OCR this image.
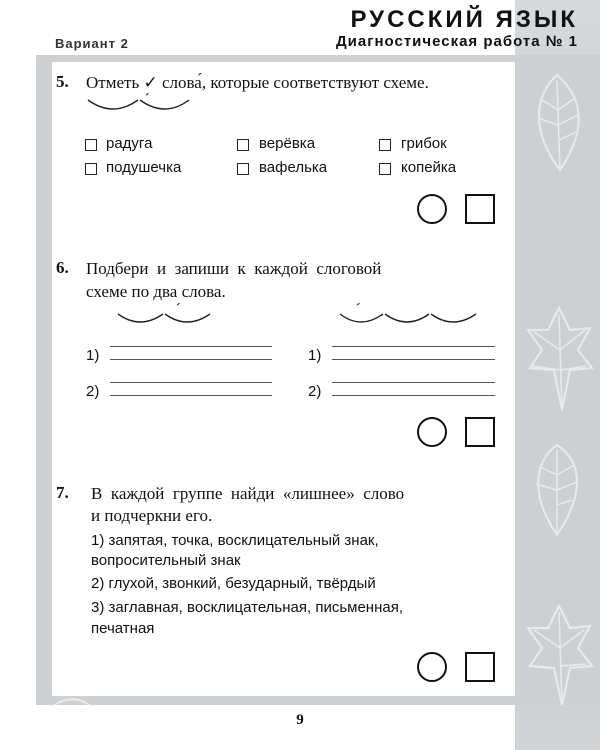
РУССКИЙ ЯЗЫК
Диагностическая работа № 1
Вариант 2
5. Отметь ✓ слова́, которые соответствуют схеме.
´
радуга	верёвка	грибок
подушечка	вафелька	копейка
6. Подбери  и  запиши  к  каждой  слоговой
схеме по два слова.
´	´
1)
2)
1)
2)
7. В  каждой  группе  найди  «лишнее»  слово
и подчеркни его.
1) запятая, точка, восклицательный знак,
вопросительный знак
2) глухой, звонкий, безударный, твёрдый
3) заглавная, восклицательная, письменная,
печатная
9
